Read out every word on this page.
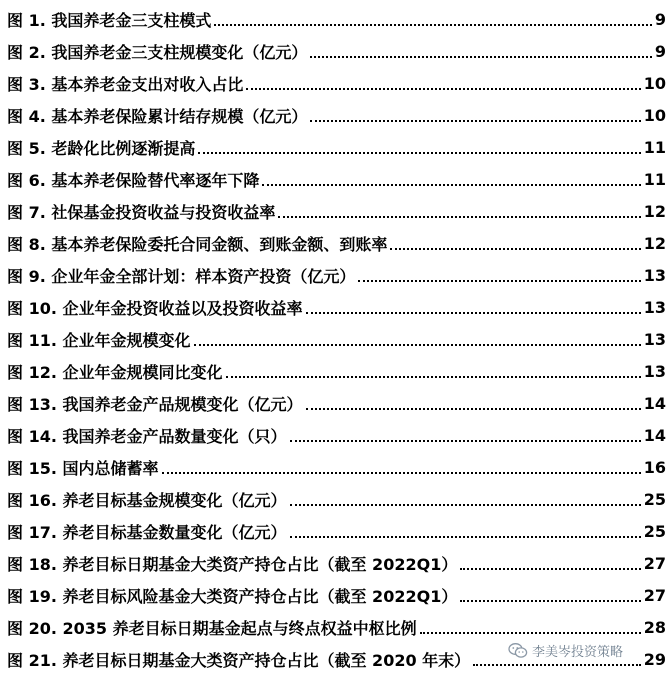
图 1. 我国养老金三支柱模式	9
图 2. 我国养老金三支柱规模变化（亿元）	9
图 3. 基本养老金支出对收入占比	10
图 4. 基本养老保险累计结存规模（亿元）	10
图 5. 老龄化比例逐渐提高	11
图 6. 基本养老保险替代率逐年下降	11
图 7. 社保基金投资收益与投资收益率	12
图 8. 基本养老保险委托合同金额、到账金额、到账率	12
图 9. 企业年金全部计划：样本资产投资（亿元）	13
图 10. 企业年金投资收益以及投资收益率	13
图 11. 企业年金规模变化	13
图 12. 企业年金规模同比变化	13
图 13. 我国养老金产品规模变化（亿元）	14
图 14. 我国养老金产品数量变化（只）	14
图 15. 国内总储蓄率	16
图 16. 养老目标基金规模变化（亿元）	25
图 17. 养老目标基金数量变化（亿元）	25
图 18. 养老目标日期基金大类资产持仓占比（截至 2022Q1）	27
图 19. 养老目标风险基金大类资产持仓占比（截至 2022Q1）	27
图 20. 2035 养老目标日期基金起点与终点权益中枢比例	28
图 21. 养老目标日期基金大类资产持仓占比（截至 2020 年末）	29
李美岑投资策略
